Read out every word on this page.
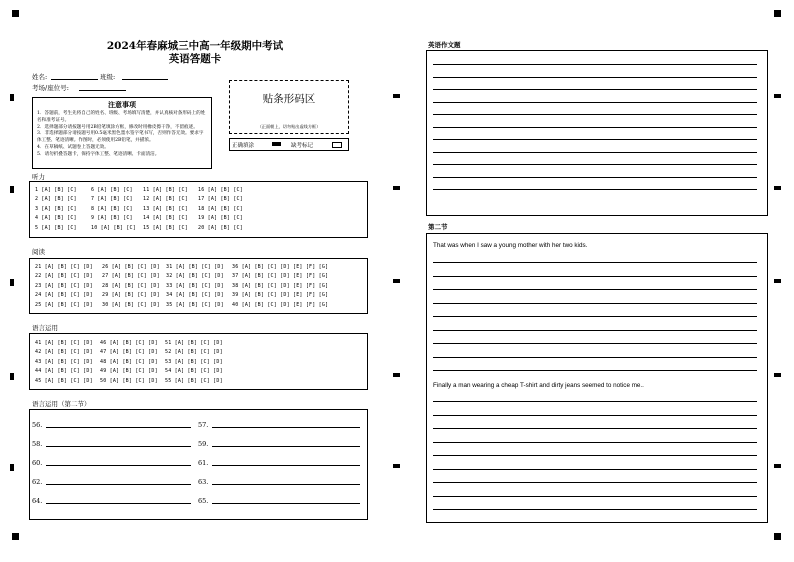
2024年春麻城三中高一年级期中考试
英语答题卡
姓名:	班级:
考场/座位号:
注意事项
1．答题前，考生先将自己的姓名、班级、考场填写清楚，并认真核对条形码上的姓名和准考证号。
2．选择题部分请按题号用2B铅笔填涂方框，修改时用橡皮擦干净，不留痕迹。
3．非选择题部分请按题号用0.5毫米黑色墨水签字笔书写，否则作答无效。要求字体工整、笔迹清晰。作图时，必须使用2B铅笔，并描浓。
4．在草稿纸、试题卷上答题无效。
5．请勿折叠答题卡，保持字体工整、笔迹清晰、卡面清洁。
贴条形码区
（正面朝上，切勿贴出虚线方框）
正确填涂	缺考标记
听力
1 [A] [B] [C]	6 [A] [B] [C] 11 [A] [B] [C] 16 [A] [B] [C]
2 [A] [B] [C]	7 [A] [B] [C] 12 [A] [B] [C] 17 [A] [B] [C]
3 [A] [B] [C]	8 [A] [B] [C] 13 [A] [B] [C] 18 [A] [B] [C]
4 [A] [B] [C]	9 [A] [B] [C] 14 [A] [B] [C] 19 [A] [B] [C]
5 [A] [B] [C]	10 [A] [B] [C] 15 [A] [B] [C] 20 [A] [B] [C]
阅读
21 [A] [B] [C] [D] 26 [A] [B] [C] [D] 31 [A] [B] [C] [D] 36 [A] [B] [C] [D] [E] [F] [G]
22 [A] [B] [C] [D] 27 [A] [B] [C] [D] 32 [A] [B] [C] [D] 37 [A] [B] [C] [D] [E] [F] [G]
23 [A] [B] [C] [D] 28 [A] [B] [C] [D] 33 [A] [B] [C] [D] 38 [A] [B] [C] [D] [E] [F] [G]
24 [A] [B] [C] [D] 29 [A] [B] [C] [D] 34 [A] [B] [C] [D] 39 [A] [B] [C] [D] [E] [F] [G]
25 [A] [B] [C] [D] 30 [A] [B] [C] [D] 35 [A] [B] [C] [D] 40 [A] [B] [C] [D] [E] [F] [G]
语言运用
41 [A] [B] [C] [D] 46 [A] [B] [C] [D] 51 [A] [B] [C] [D]
42 [A] [B] [C] [D] 47 [A] [B] [C] [D] 52 [A] [B] [C] [D]
43 [A] [B] [C] [D] 48 [A] [B] [C] [D] 53 [A] [B] [C] [D]
44 [A] [B] [C] [D] 49 [A] [B] [C] [D] 54 [A] [B] [C] [D]
45 [A] [B] [C] [D] 50 [A] [B] [C] [D] 55 [A] [B] [C] [D]
语言运用（第二节）
56.	57.
58.	59.
60.	61.
62.	63.
64.	65.
英语作文题
第二节
That was when I saw a young mother with her two kids.
Finally a man wearing a cheap T-shirt and dirty jeans seemed to notice me..
